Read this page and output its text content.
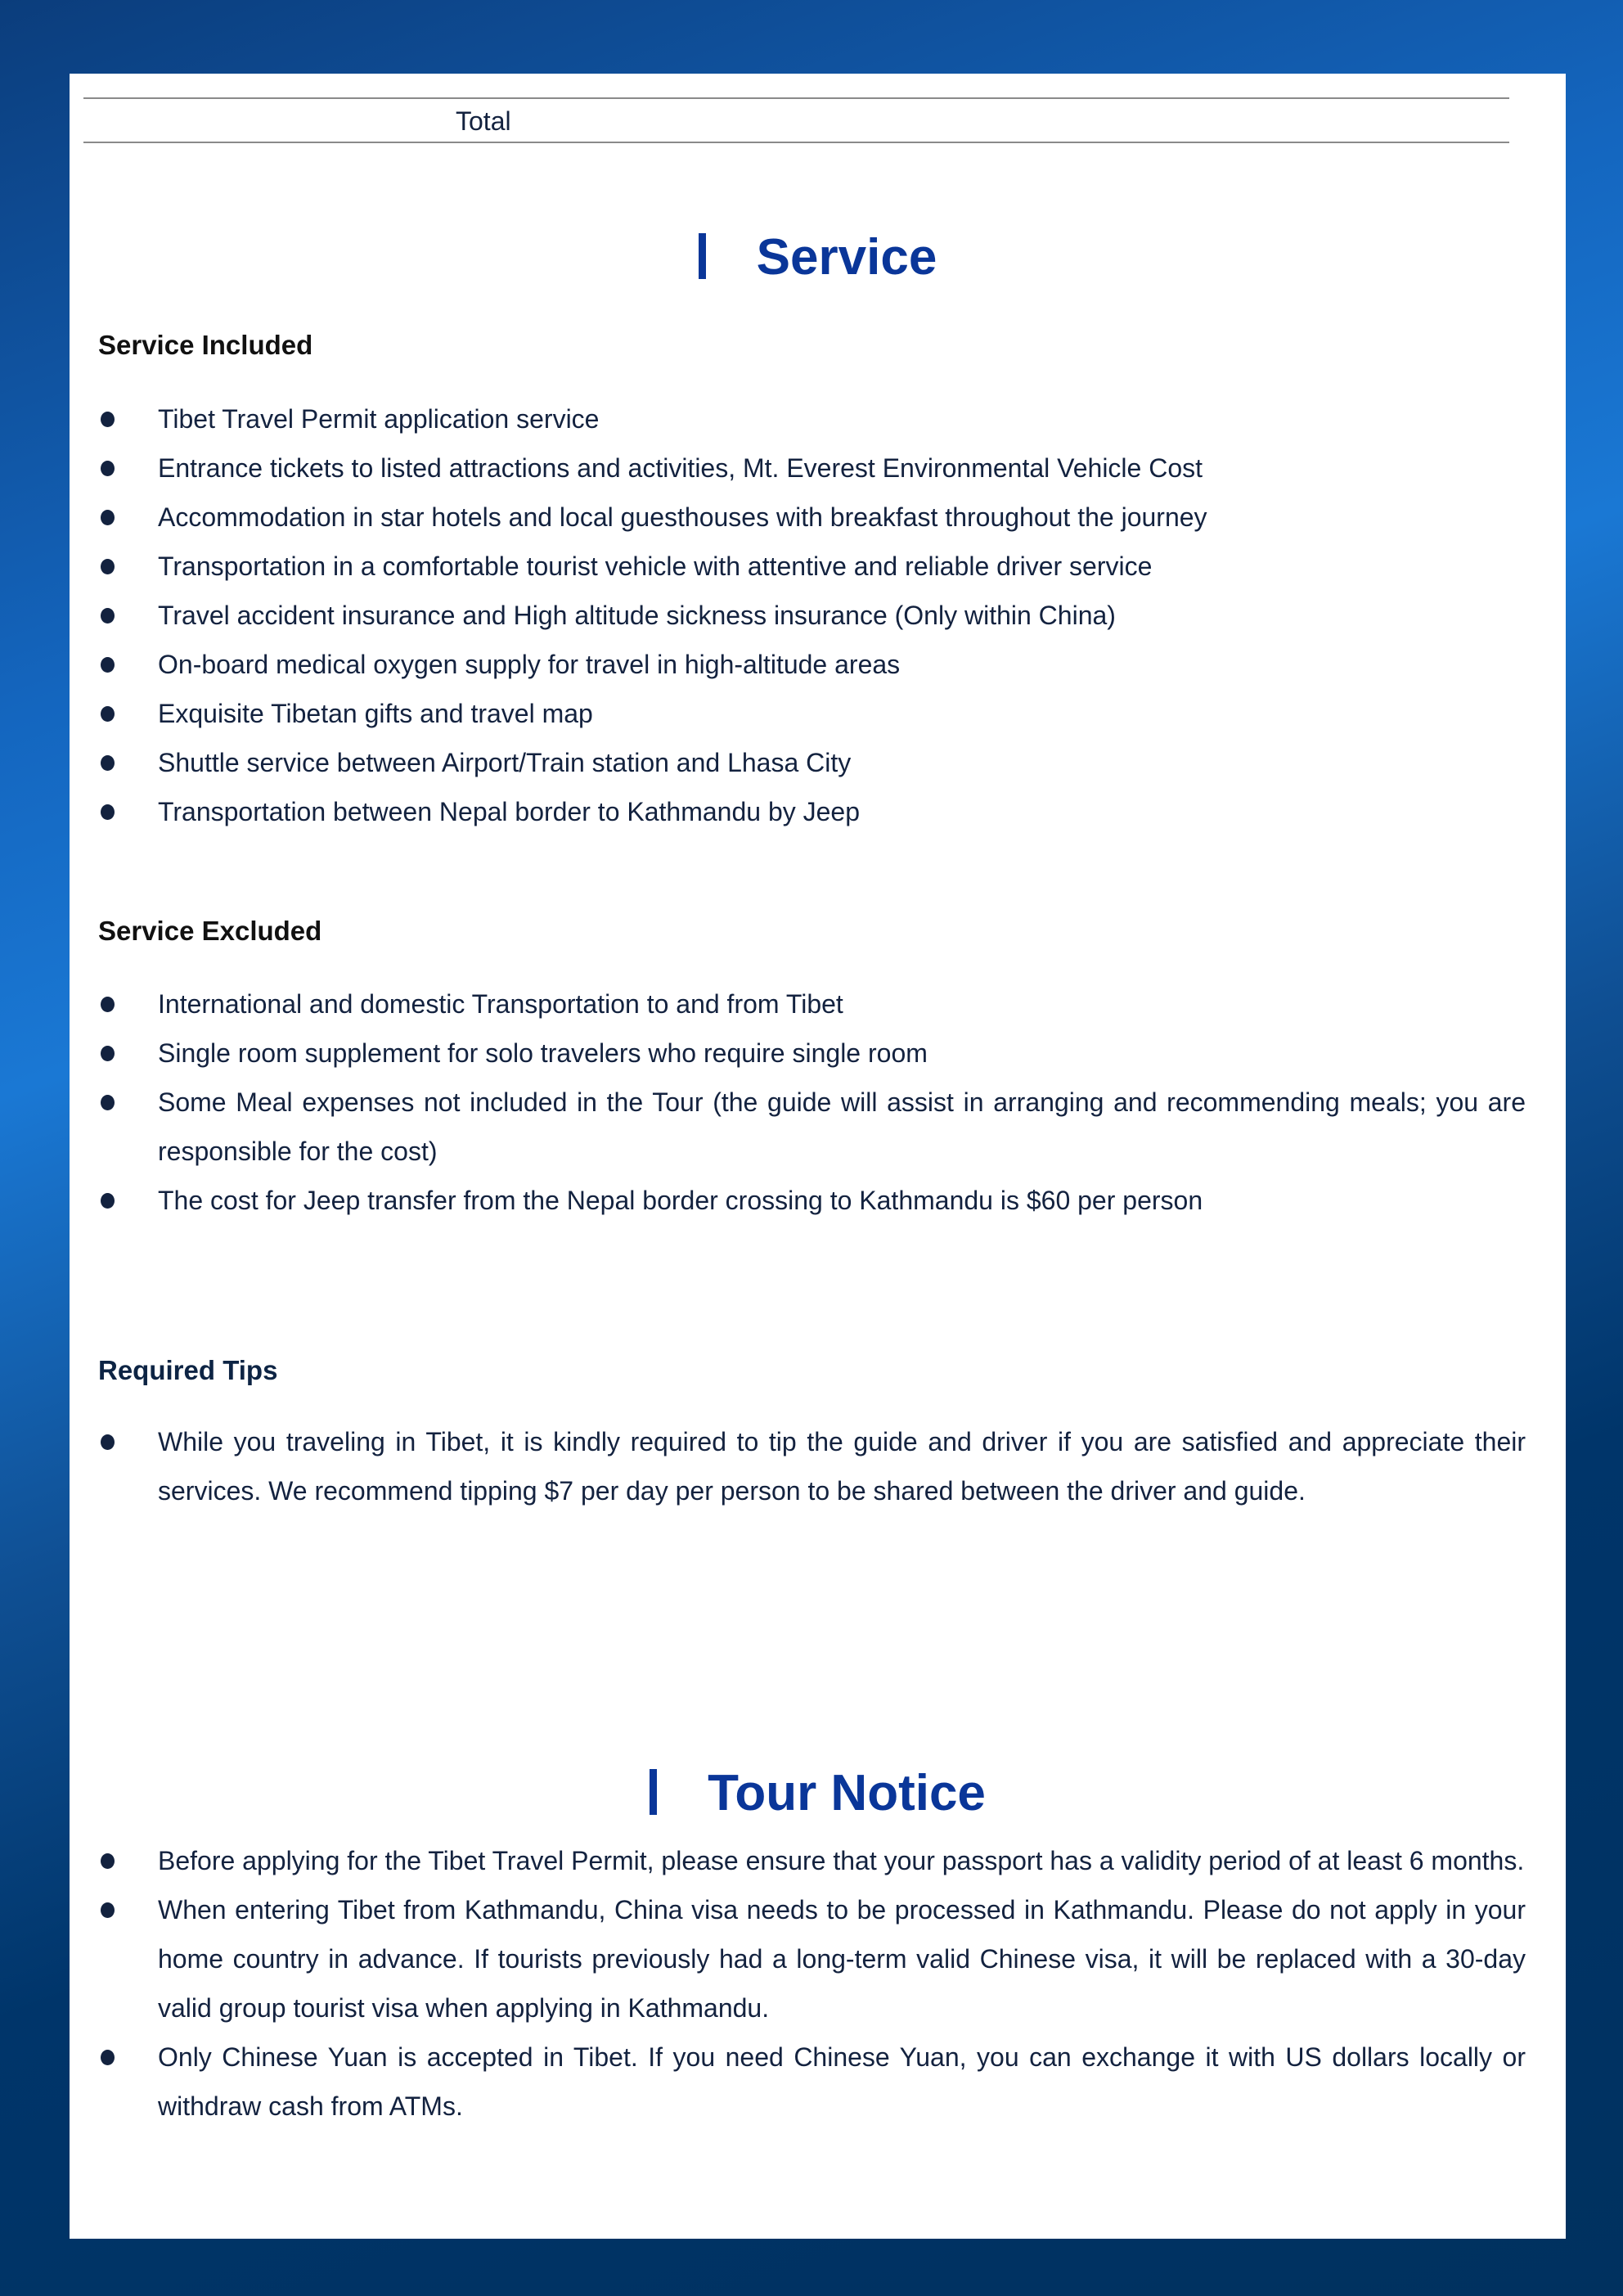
Total
Service
Service Included
Tibet Travel Permit application service
Entrance tickets to listed attractions and activities, Mt. Everest Environmental Vehicle Cost
Accommodation in star hotels and local guesthouses with breakfast throughout the journey
Transportation in a comfortable tourist vehicle with attentive and reliable driver service
Travel accident insurance and High altitude sickness insurance (Only within China)
On-board medical oxygen supply for travel in high-altitude areas
Exquisite Tibetan gifts and travel map
Shuttle service between Airport/Train station and Lhasa City
Transportation between Nepal border to Kathmandu by Jeep
Service Excluded
International and domestic Transportation to and from Tibet
Single room supplement for solo travelers who require single room
Some Meal expenses not included in the Tour (the guide will assist in arranging and recommending meals; you are responsible for the cost)
The cost for Jeep transfer from the Nepal border crossing to Kathmandu is $60 per person
Required Tips
While you traveling in Tibet, it is kindly required to tip the guide and driver if you are satisfied and appreciate their services. We recommend tipping $7 per day per person to be shared between the driver and guide.
Tour Notice
Before applying for the Tibet Travel Permit, please ensure that your passport has a validity period of at least 6 months.
When entering Tibet from Kathmandu, China visa needs to be processed in Kathmandu. Please do not apply in your home country in advance. If tourists previously had a long-term valid Chinese visa, it will be replaced with a 30-day valid group tourist visa when applying in Kathmandu.
Only Chinese Yuan is accepted in Tibet. If you need Chinese Yuan, you can exchange it with US dollars locally or withdraw cash from ATMs.
